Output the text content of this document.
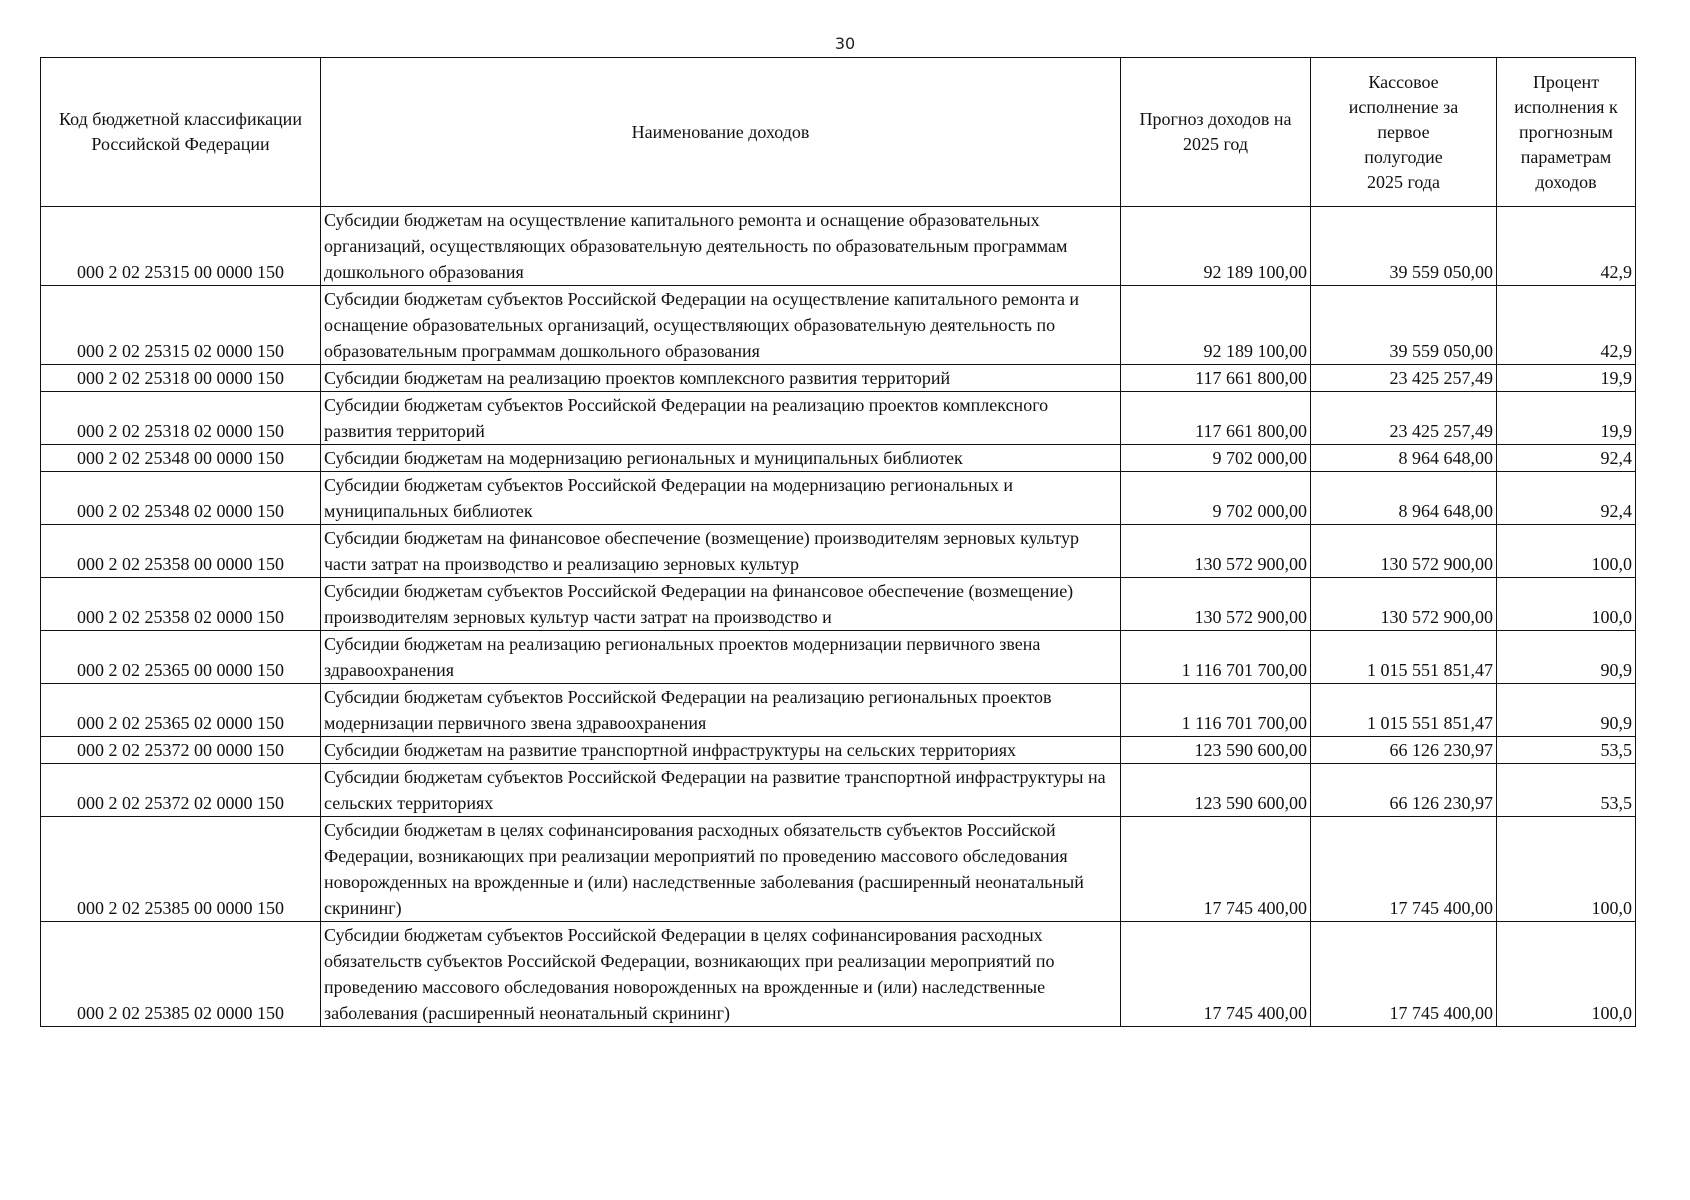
30
Код бюджетной классификации Российской Федерации	Наименование доходов	Прогноз доходов на 2025 год	Кассовое исполнение за первое полугодие 2025 года	Процент исполнения к прогнозным параметрам доходов
000 2 02 25315 00 0000 150	Субсидии бюджетам на осуществление капитального ремонта и оснащение образовательных организаций, осуществляющих образовательную деятельность по образовательным программам дошкольного образования	92 189 100,00	39 559 050,00	42,9
000 2 02 25315 02 0000 150	Субсидии бюджетам субъектов Российской Федерации на осуществление капитального ремонта и оснащение образовательных организаций, осуществляющих образовательную деятельность по образовательным программам дошкольного образования	92 189 100,00	39 559 050,00	42,9
000 2 02 25318 00 0000 150	Субсидии бюджетам на реализацию проектов комплексного развития территорий	117 661 800,00	23 425 257,49	19,9
000 2 02 25318 02 0000 150	Субсидии бюджетам субъектов Российской Федерации на реализацию проектов комплексного развития территорий	117 661 800,00	23 425 257,49	19,9
000 2 02 25348 00 0000 150	Субсидии бюджетам на модернизацию региональных и муниципальных библиотек	9 702 000,00	8 964 648,00	92,4
000 2 02 25348 02 0000 150	Субсидии бюджетам субъектов Российской Федерации на модернизацию региональных и муниципальных библиотек	9 702 000,00	8 964 648,00	92,4
000 2 02 25358 00 0000 150	Субсидии бюджетам на финансовое обеспечение (возмещение) производителям зерновых культур части затрат на производство и реализацию зерновых культур	130 572 900,00	130 572 900,00	100,0
000 2 02 25358 02 0000 150	Субсидии бюджетам субъектов Российской Федерации на финансовое обеспечение (возмещение) производителям зерновых культур части затрат на производство и	130 572 900,00	130 572 900,00	100,0
000 2 02 25365 00 0000 150	Субсидии бюджетам на реализацию региональных проектов модернизации первичного звена здравоохранения	1 116 701 700,00	1 015 551 851,47	90,9
000 2 02 25365 02 0000 150	Субсидии бюджетам субъектов Российской Федерации на реализацию региональных проектов модернизации первичного звена здравоохранения	1 116 701 700,00	1 015 551 851,47	90,9
000 2 02 25372 00 0000 150	Субсидии бюджетам на развитие транспортной инфраструктуры на сельских территориях	123 590 600,00	66 126 230,97	53,5
000 2 02 25372 02 0000 150	Субсидии бюджетам субъектов Российской Федерации на развитие транспортной инфраструктуры на сельских территориях	123 590 600,00	66 126 230,97	53,5
000 2 02 25385 00 0000 150	Субсидии бюджетам в целях софинансирования расходных обязательств субъектов Российской Федерации, возникающих при реализации мероприятий по проведению массового обследования новорожденных на врожденные и (или) наследственные заболевания (расширенный неонатальный скрининг)	17 745 400,00	17 745 400,00	100,0
000 2 02 25385 02 0000 150	Субсидии бюджетам субъектов Российской Федерации в целях софинансирования расходных обязательств субъектов Российской Федерации, возникающих при реализации мероприятий по проведению массового обследования новорожденных на врожденные и (или) наследственные заболевания (расширенный неонатальный скрининг)	17 745 400,00	17 745 400,00	100,0
